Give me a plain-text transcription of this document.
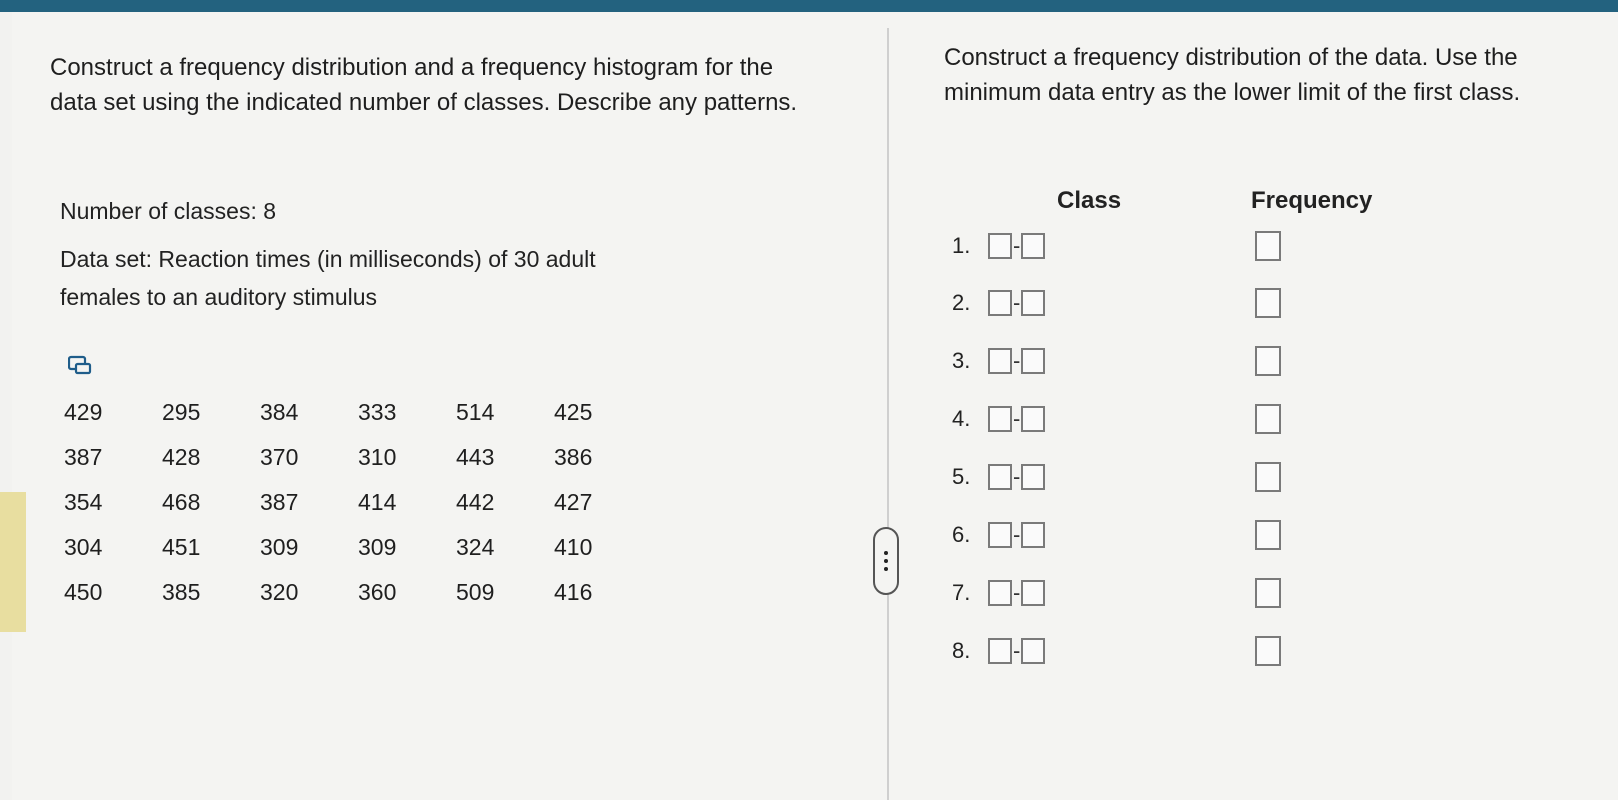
Construct a frequency distribution and a frequency histogram for the data set using the indicated number of classes. Describe any patterns.
Number of classes: 8
Data set: Reaction times (in milliseconds) of 30 adult females to an auditory stimulus
429	295	384	333	514	425
387	428	370	310	443	386
354	468	387	414	442	427
304	451	309	309	324	410
450	385	320	360	509	416
Construct a frequency distribution of the data. Use the minimum data entry as the lower limit of the first class.
Class	Frequency
1.	-
2.	-
3.	-
4.	-
5.	-
6.	-
7.	-
8.	-
